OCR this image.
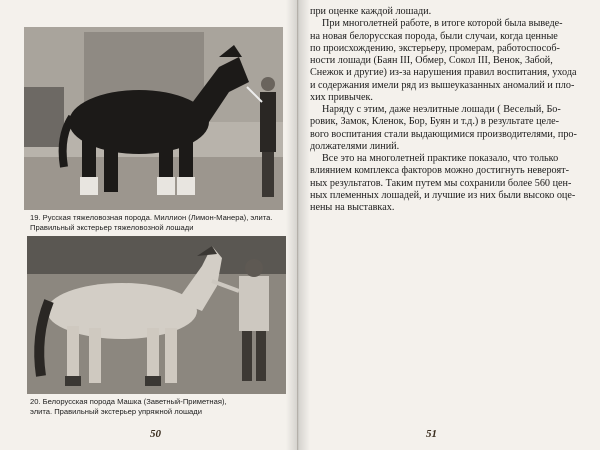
19. Русская тяжеловозная порода. Миллион (Лимон-Манера), элита.
Правильный экстерьер тяжеловозной лошади
20. Белорусская порода Машка (Заветный-Приметная),
элита. Правильный экстерьер упряжной лошади
50
при оценке каждой лошади.
При многолетней работе, в итоге которой была выведе-
на новая белорусская порода, были случаи, когда ценные
по происхождению, экстерьеру, промерам, работоспособ-
ности лошади (Баян III, Обмер, Сокол III, Венок, Забой,
Снежок и другие) из-за нарушения правил воспитания, ухода
и содержания имели ряд из вышеуказанных аномалий и пло-
хих привычек.
Наряду с этим, даже неэлитные лошади ( Веселый, Бо-
ровик, Замок, Кленок, Бор, Буян и т.д.) в результате целе-
вого воспитания стали выдающимися производителями, про-
должателями линий.
Все это на многолетней практике показало, что только
влиянием комплекса факторов можно достигнуть невероят-
ных результатов. Таким путем мы сохранили более 560 цен-
ных племенных лошадей, и лучшие из них были высоко оце-
нены на выставках.
51
